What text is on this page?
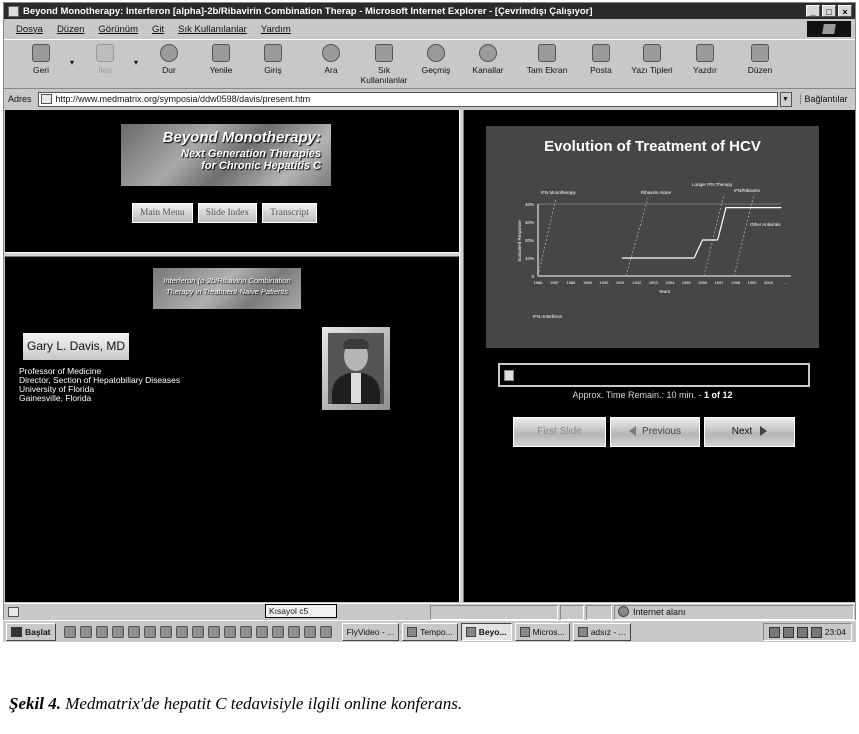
Beyond Monotherapy: Interferon [alpha]-2b/Ribavirin Combination Therap - Microsoft Internet Explorer - [Çevrimdışı Çalışıyor]	_	□	×
Dosya Düzen Görünüm Git Sık Kullanılanlar Yardım
Geri
▾
İleri
▾
Dur	Yenile	Giriş	Ara	Sık
Kullanılanlar
Geçmiş	Kanallar	Tam Ekran	Posta	Yazı Tipleri	Yazdır	Düzen
Adres	http://www.medmatrix.org/symposia/ddw0598/davis/present.htm	▼	Bağlantılar
Beyond Monotherapy:
Next Generation Therapies
for Chronic Hepatitis C
Main Menu	Slide Index	Transcript
Interferon (α-2b/Ribavirin Combination
Therapy in Treatment-Naive Patients
Gary L. Davis, MD
Professor of Medicine
Director, Section of Hepatobiliary Diseases
University of Florida
Gainesville, Florida
Evolution of Treatment of HCV
0
10%
20%
30%
40%
1986 1987 1988 1989 1990 1991 1992 1993 1994 1995 1996 1997 1998 1999 2000 ....
Years
Sustained Response
IFN Monotherapy	Ribavirin Alone
Longer IFN Therapy
IFN/Ribavirin
Other Antivirals
IFN=Interferon
Approx. Time Remain.: 10 min. - 1 of 12
First Slide	Previous	Next
Internet alanı
Kısayol c5
Başlat	FlyVideo - ...	Tempo...	Beyo...	Micros...	adsız - ...	23:04
Şekil 4. Medmatrix'de hepatit C tedavisiyle ilgili online konferans.
